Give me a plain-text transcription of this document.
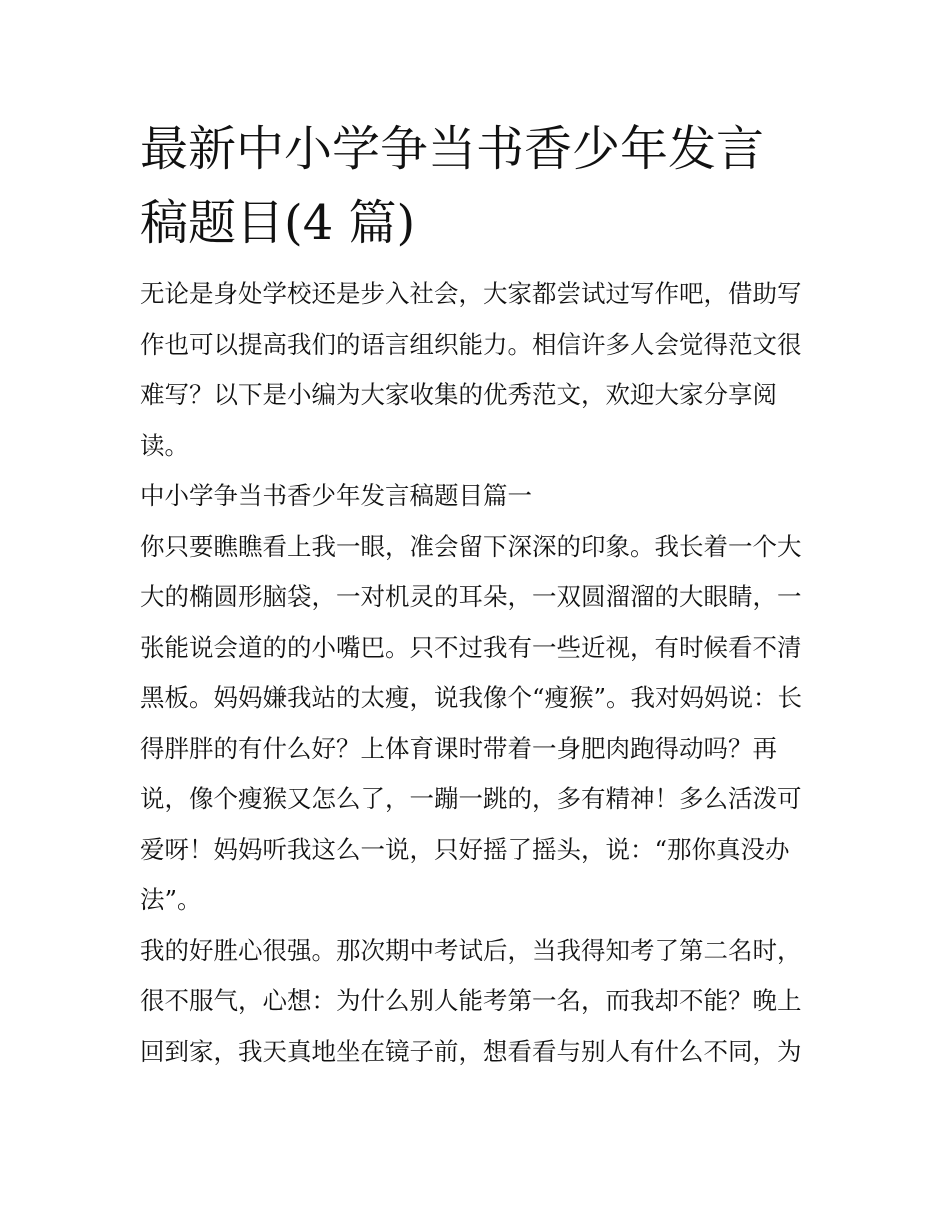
最新中小学争当书香少年发言
稿题目(4 篇)
无论是身处学校还是步入社会，大家都尝试过写作吧，借助写
作也可以提高我们的语言组织能力。相信许多人会觉得范文很
难写？以下是小编为大家收集的优秀范文，欢迎大家分享阅
读。
中小学争当书香少年发言稿题目篇一
你只要瞧瞧看上我一眼，准会留下深深的印象。我长着一个大
大的椭圆形脑袋，一对机灵的耳朵，一双圆溜溜的大眼睛，一
张能说会道的的小嘴巴。只不过我有一些近视，有时候看不清
黑板。妈妈嫌我站的太瘦，说我像个“瘦猴”。我对妈妈说：长
得胖胖的有什么好？上体育课时带着一身肥肉跑得动吗？再
说，像个瘦猴又怎么了，一蹦一跳的，多有精神！多么活泼可
爱呀！妈妈听我这么一说，只好摇了摇头，说：“那你真没办
法”。
我的好胜心很强。那次期中考试后，当我得知考了第二名时，
很不服气，心想：为什么别人能考第一名，而我却不能？晚上
回到家，我天真地坐在镜子前，想看看与别人有什么不同，为
